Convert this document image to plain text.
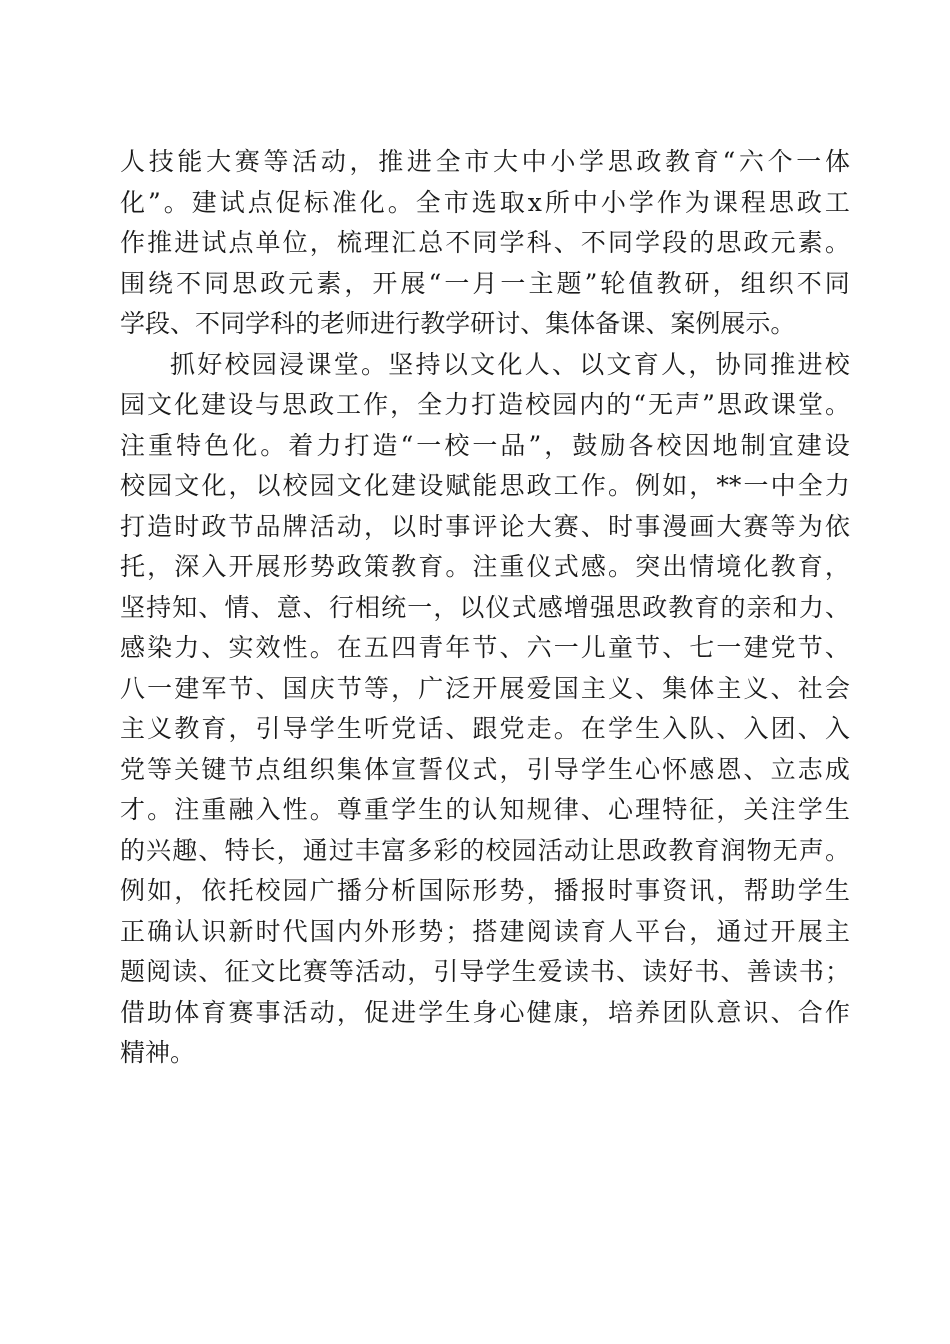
人 技 能 大 赛 等 活 动 ， 推 进 全 市 大 中 小 学 思 政 教 育 “ 六 个 一 体
化 ” 。 建 试 点 促 标 准 化 。 全 市 选 取 x 所 中 小 学 作 为 课 程 思 政 工
作 推 进 试 点 单 位 ， 梳 理 汇 总 不 同 学 科 、 不 同 学 段 的 思 政 元 素 。
围 绕 不 同 思 政 元 素 ， 开 展 “ 一 月 一 主 题 ” 轮 值 教 研 ， 组 织 不 同
学 段 、 不 同 学 科 的 老 师 进 行 教 学 研 讨 、 集 体 备 课 、 案 例 展 示 。
抓 好 校 园 浸 课 堂 。 坚 持 以 文 化 人 、 以 文 育 人 ， 协 同 推 进 校
园 文 化 建 设 与 思 政 工 作 ， 全 力 打 造 校 园 内 的 “ 无 声 ” 思 政 课 堂 。
注 重 特 色 化 。 着 力 打 造 “ 一 校 一 品 ” ， 鼓 励 各 校 因 地 制 宜 建 设
校 园 文 化 ， 以 校 园 文 化 建 设 赋 能 思 政 工 作 。 例 如 ， ** 一 中 全 力
打 造 时 政 节 品 牌 活 动 ， 以 时 事 评 论 大 赛 、 时 事 漫 画 大 赛 等 为 依
托 ， 深 入 开 展 形 势 政 策 教 育 。 注 重 仪 式 感 。 突 出 情 境 化 教 育 ，
坚 持 知 、 情 、 意 、 行 相 统 一 ， 以 仪 式 感 增 强 思 政 教 育 的 亲 和 力 、
感 染 力 、 实 效 性 。 在 五 四 青 年 节 、 六 一 儿 童 节 、 七 一 建 党 节 、
八 一 建 军 节 、 国 庆 节 等 ， 广 泛 开 展 爱 国 主 义 、 集 体 主 义 、 社 会
主 义 教 育 ， 引 导 学 生 听 党 话 、 跟 党 走 。 在 学 生 入 队 、 入 团 、 入
党 等 关 键 节 点 组 织 集 体 宣 誓 仪 式 ， 引 导 学 生 心 怀 感 恩 、 立 志 成
才 。 注 重 融 入 性 。 尊 重 学 生 的 认 知 规 律 、 心 理 特 征 ， 关 注 学 生
的 兴 趣 、 特 长 ， 通 过 丰 富 多 彩 的 校 园 活 动 让 思 政 教 育 润 物 无 声 。
例 如 ， 依 托 校 园 广 播 分 析 国 际 形 势 ， 播 报 时 事 资 讯 ， 帮 助 学 生
正 确 认 识 新 时 代 国 内 外 形 势 ； 搭 建 阅 读 育 人 平 台 ， 通 过 开 展 主
题 阅 读 、 征 文 比 赛 等 活 动 ， 引 导 学 生 爱 读 书 、 读 好 书 、 善 读 书 ；
借 助 体 育 赛 事 活 动 ， 促 进 学 生 身 心 健 康 ， 培 养 团 队 意 识 、 合 作
精 神 。
